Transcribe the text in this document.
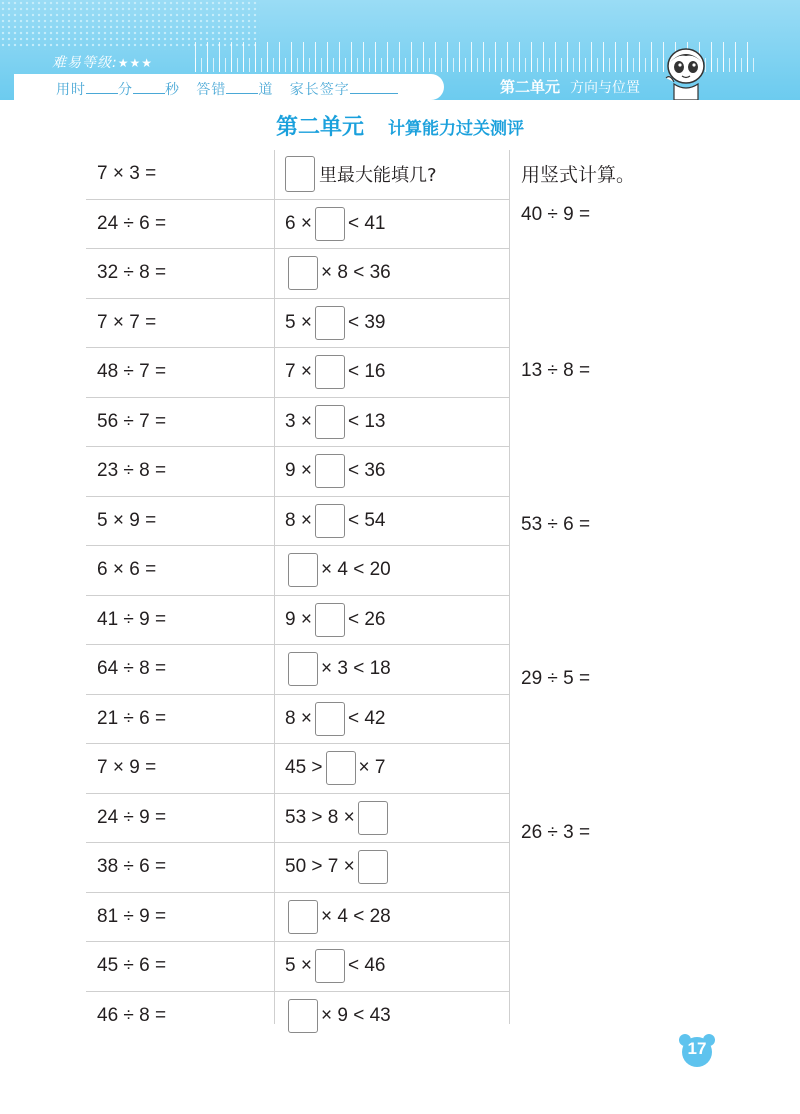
难易等级:★★★
用时 分 秒 答错 道 家长签字	第二单元 方向与位置
第二单元 计算能力过关测评
7 × 3 =	里最大能填几?
24 ÷ 6 =	6 × < 41
32 ÷ 8 =	× 8 < 36
7 × 7 =	5 × < 39
48 ÷ 7 =	7 × < 16
56 ÷ 7 =	3 × < 13
23 ÷ 8 =	9 × < 36
5 × 9 =	8 × < 54
6 × 6 =	× 4 < 20
41 ÷ 9 =	9 × < 26
64 ÷ 8 =	× 3 < 18
21 ÷ 6 =	8 × < 42
7 × 9 =	45 > × 7
24 ÷ 9 =	53 > 8 ×
38 ÷ 6 =	50 > 7 ×
81 ÷ 9 =	× 4 < 28
45 ÷ 6 =	5 × < 46
46 ÷ 8 =	× 9 < 43
用竖式计算。
40 ÷ 9 =
13 ÷ 8 =
53 ÷ 6 =
29 ÷ 5 =
26 ÷ 3 =
17
